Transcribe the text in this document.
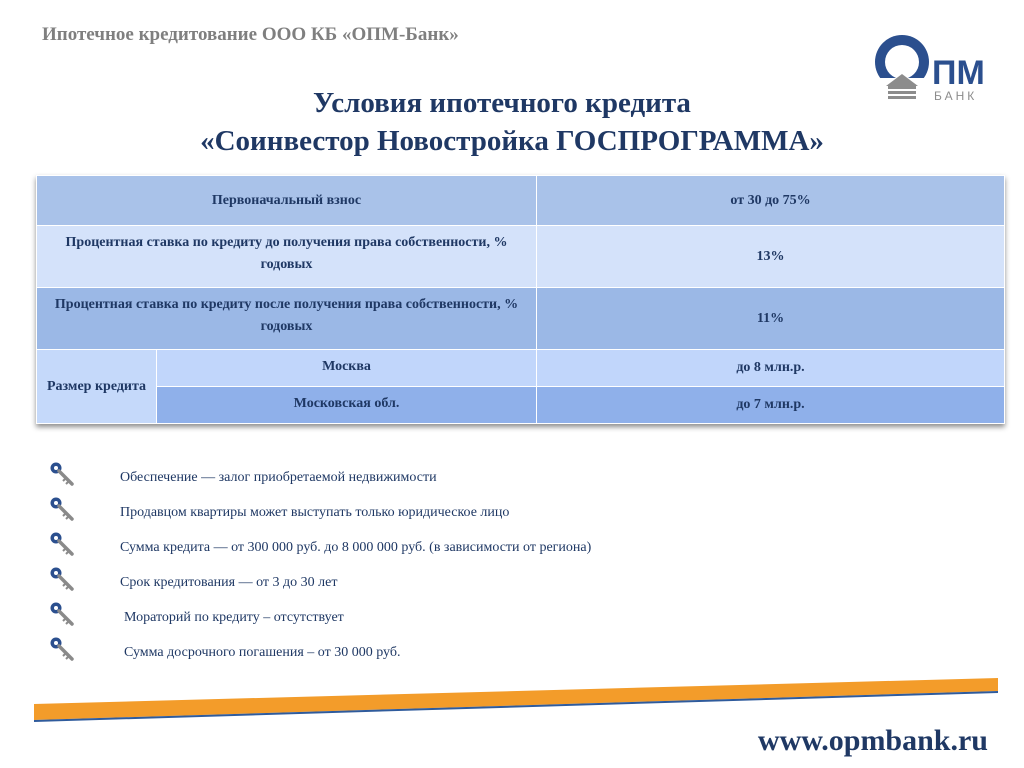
Ипотечное кредитование ООО КБ «ОПМ-Банк»
ПМ
БАНК
Условия ипотечного кредита
«Соинвестор Новостройка ГОСПРОГРАММА»
Первоначальный взнос		от 30 до 75%
Процентная ставка по кредиту до получения права собственности, % годовых		13%
Процентная ставка по кредиту после получения права собственности, % годовых		11%
Размер кредита	Москва	до 8 млн.р.
	Московская обл.	до 7 млн.р.
Обеспечение — залог приобретаемой недвижимости
Продавцом квартиры может выступать только юридическое лицо
Сумма кредита — от 300 000 руб. до 8 000 000 руб. (в зависимости от региона)
Срок кредитования — от 3 до 30 лет
Мораторий по кредиту – отсутствует
Сумма досрочного погашения – от 30 000 руб.
www.opmbank.ru
